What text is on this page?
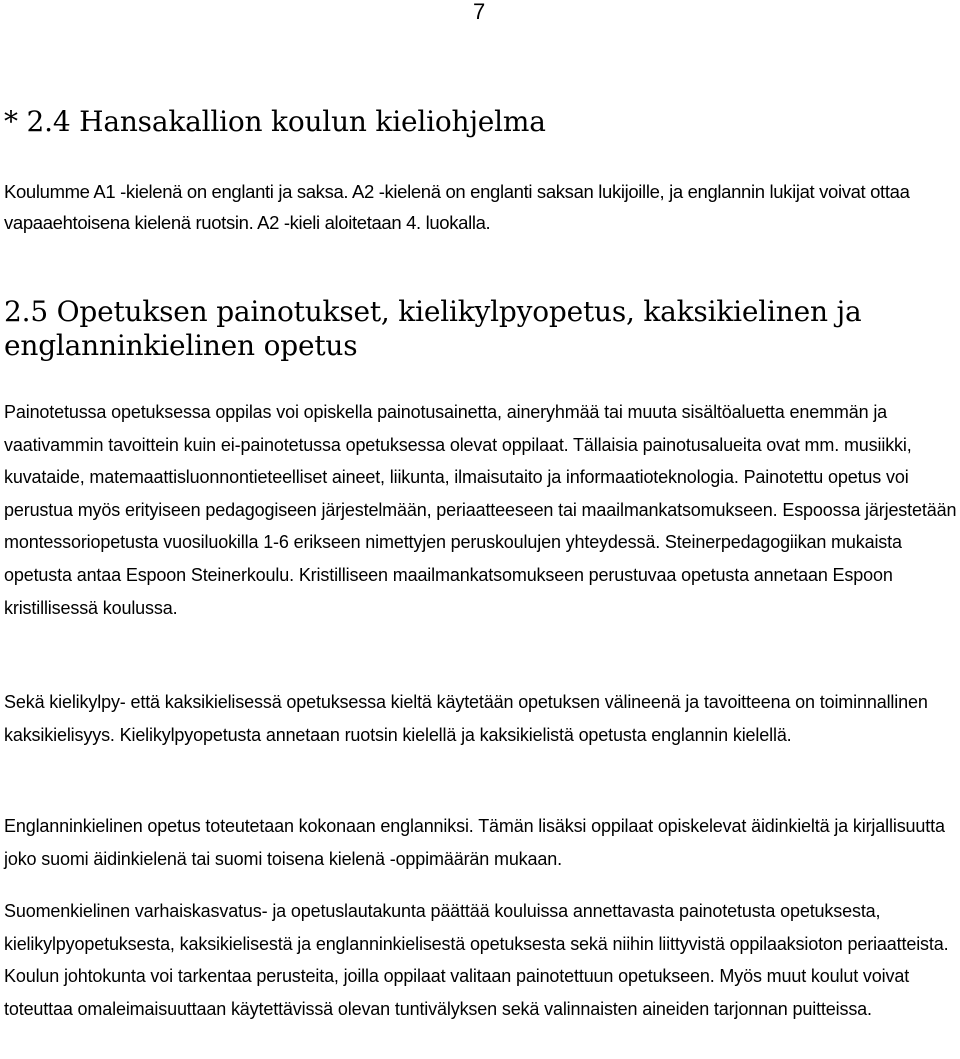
7
* 2.4 Hansakallion koulun kieliohjelma

Koulumme A1 -kielenä on englanti ja saksa. A2 -kielenä on englanti saksan lukijoille, ja englannin lukijat voivat ottaa vapaaehtoisena kielenä ruotsin. A2 -kieli aloitetaan 4. luokalla.

2.5 Opetuksen painotukset, kielikylpyopetus, kaksikielinen ja englanninkielinen opetus

Painotetussa opetuksessa oppilas voi opiskella painotusainetta, aineryhmää tai muuta sisältöaluetta enemmän ja vaativammin tavoittein kuin ei-painotetussa opetuksessa olevat oppilaat. Tällaisia painotusalueita ovat mm. musiikki, kuvataide, matemaattisluonnontieteelliset aineet, liikunta, ilmaisutaito ja informaatioteknologia. Painotettu opetus voi perustua myös erityiseen pedagogiseen järjestelmään, periaatteeseen tai maailmankatsomukseen. Espoossa järjestetään montessoriopetusta vuosiluokilla 1-6 erikseen nimettyjen peruskoulujen yhteydessä. Steinerpedagogiikan mukaista opetusta antaa Espoon Steinerkoulu. Kristilliseen maailmankatsomukseen perustuvaa opetusta annetaan Espoon kristillisessä koulussa.

Sekä kielikylpy- että kaksikielisessä opetuksessa kieltä käytetään opetuksen välineenä ja tavoitteena on toiminnallinen kaksikielisyys. Kielikylpyopetusta annetaan ruotsin kielellä ja kaksikielistä opetusta englannin kielellä.

Englanninkielinen opetus toteutetaan kokonaan englanniksi. Tämän lisäksi oppilaat opiskelevat äidinkieltä ja kirjallisuutta joko suomi äidinkielenä tai suomi toisena kielenä -oppimäärän mukaan.

Suomenkielinen varhaiskasvatus- ja opetuslautakunta päättää kouluissa annettavasta painotetusta opetuksesta, kielikylpyopetuksesta, kaksikielisestä ja englanninkielisestä opetuksesta sekä niihin liittyvistä oppilaaksioton periaatteista. Koulun johtokunta voi tarkentaa perusteita, joilla oppilaat valitaan painotettuun opetukseen. Myös muut koulut voivat toteuttaa omaleimaisuuttaan käytettävissä olevan tuntivälyksen sekä valinnaisten aineiden tarjonnan puitteissa.
